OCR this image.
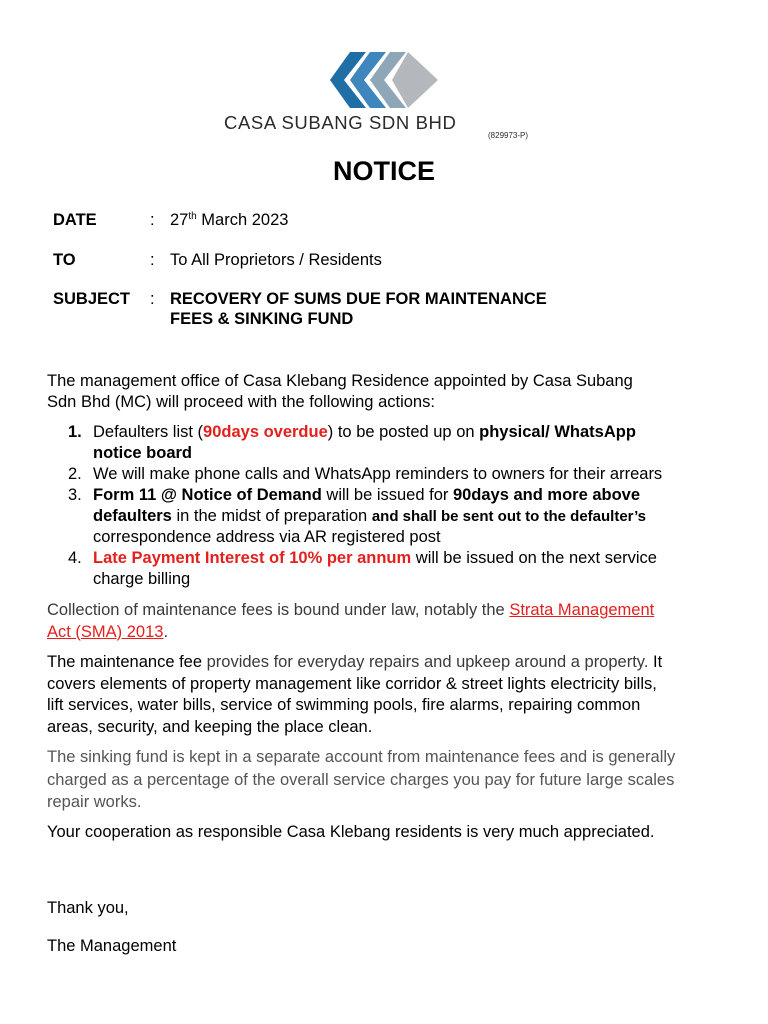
CASA SUBANG SDN BHD
(829973-P)
NOTICE
DATE	: 27th March 2023
TO	: To All Proprietors / Residents
SUBJECT : RECOVERY OF SUMS DUE FOR MAINTENANCE
FEES & SINKING FUND
The management office of Casa Klebang Residence appointed by Casa Subang
Sdn Bhd (MC) will proceed with the following actions:
1. Defaulters list (90days overdue) to be posted up on physical/ WhatsApp
notice board
2. We will make phone calls and WhatsApp reminders to owners for their arrears
3. Form 11 @ Notice of Demand will be issued for 90days and more above
defaulters in the midst of preparation and shall be sent out to the defaulter’s
correspondence address via AR registered post
4. Late Payment Interest of 10% per annum will be issued on the next service
charge billing
Collection of maintenance fees is bound under law, notably the Strata Management
Act (SMA) 2013.
The maintenance fee provides for everyday repairs and upkeep around a property. It
covers elements of property management like corridor & street lights electricity bills,
lift services, water bills, service of swimming pools, fire alarms, repairing common
areas, security, and keeping the place clean.
The sinking fund is kept in a separate account from maintenance fees and is generally
charged as a percentage of the overall service charges you pay for future large scales
repair works.
Your cooperation as responsible Casa Klebang residents is very much appreciated.
Thank you,
The Management
